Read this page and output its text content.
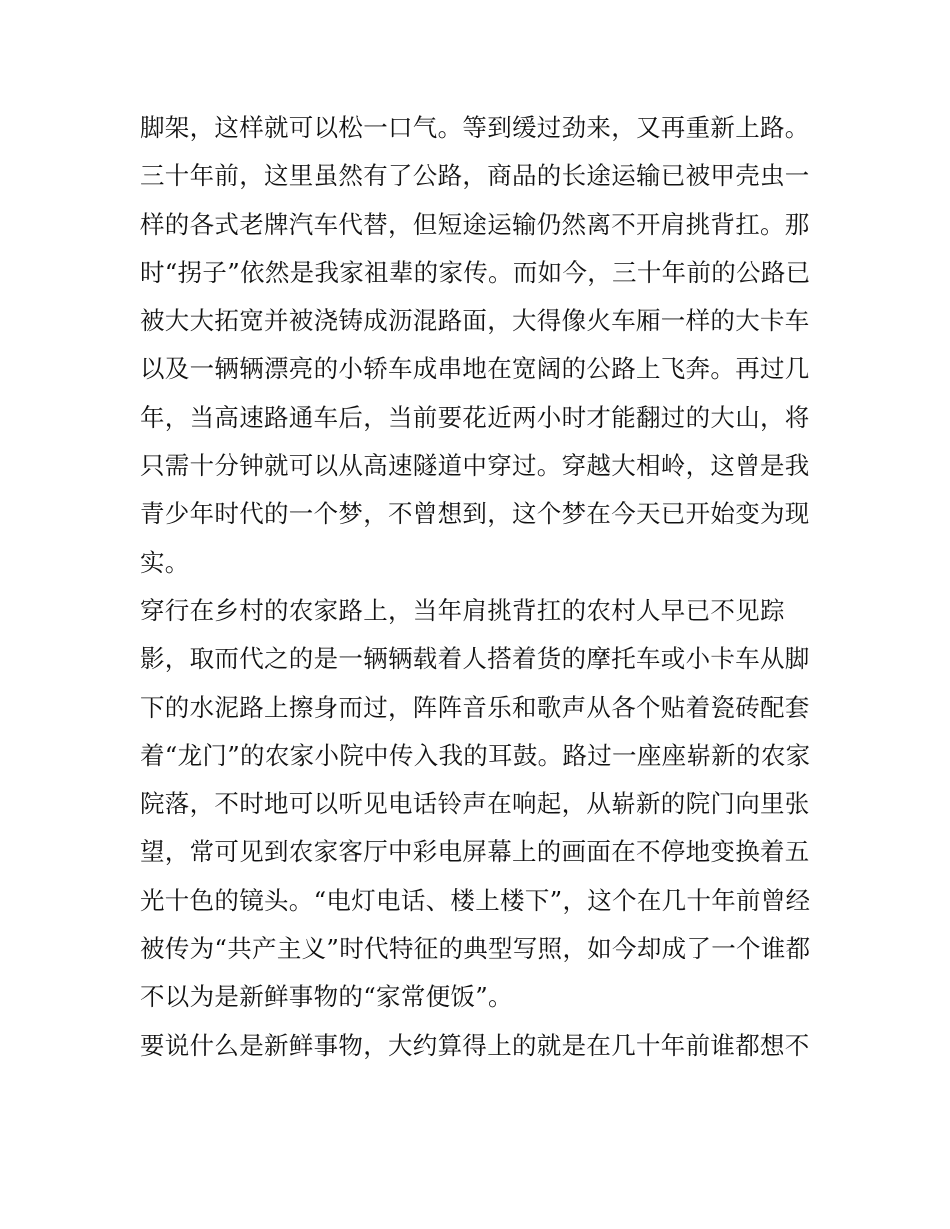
脚架，这样就可以松一口气。等到缓过劲来，又再重新上路。
三十年前，这里虽然有了公路，商品的长途运输已被甲壳虫一
样的各式老牌汽车代替，但短途运输仍然离不开肩挑背扛。那
时“拐子”依然是我家祖辈的家传。而如今，三十年前的公路已
被大大拓宽并被浇铸成沥混路面，大得像火车厢一样的大卡车
以及一辆辆漂亮的小轿车成串地在宽阔的公路上飞奔。再过几
年，当高速路通车后，当前要花近两小时才能翻过的大山，将
只需十分钟就可以从高速隧道中穿过。穿越大相岭，这曾是我
青少年时代的一个梦，不曾想到，这个梦在今天已开始变为现
实。
穿行在乡村的农家路上，当年肩挑背扛的农村人早已不见踪
影，取而代之的是一辆辆载着人搭着货的摩托车或小卡车从脚
下的水泥路上擦身而过，阵阵音乐和歌声从各个贴着瓷砖配套
着“龙门”的农家小院中传入我的耳鼓。路过一座座崭新的农家
院落，不时地可以听见电话铃声在响起，从崭新的院门向里张
望，常可见到农家客厅中彩电屏幕上的画面在不停地变换着五
光十色的镜头。“电灯电话、楼上楼下”，这个在几十年前曾经
被传为“共产主义”时代特征的典型写照，如今却成了一个谁都
不以为是新鲜事物的“家常便饭”。
要说什么是新鲜事物，大约算得上的就是在几十年前谁都想不
